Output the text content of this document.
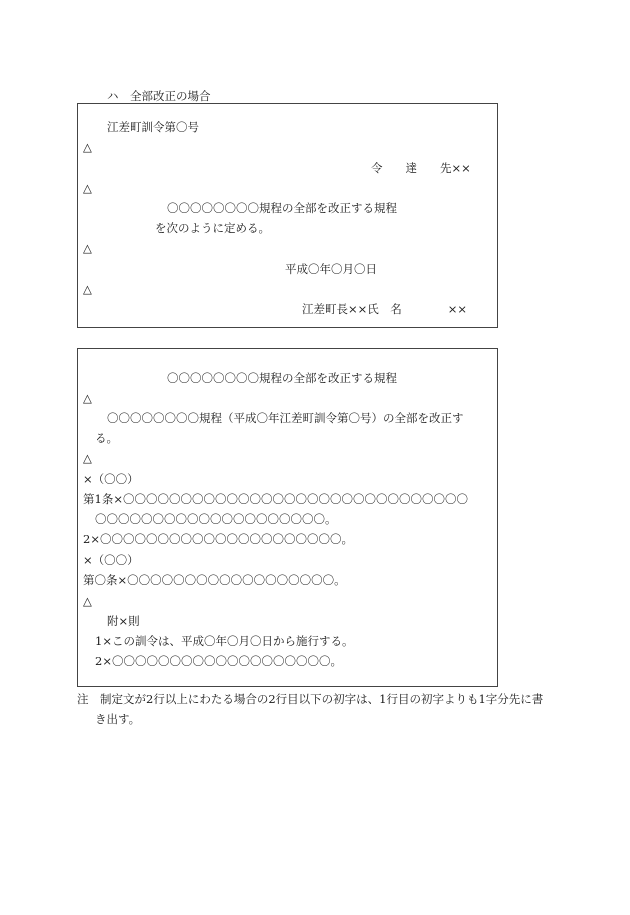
ハ　全部改正の場合
江差町訓令第〇号
△
令　　達　　先××
△
〇〇〇〇〇〇〇〇規程の全部を改正する規程
を次のように定める。
△
平成〇年〇月〇日
△
江差町長××氏　名　　　　××
〇〇〇〇〇〇〇〇規程の全部を改正する規程
△
〇〇〇〇〇〇〇〇規程（平成〇年江差町訓令第〇号）の全部を改正す
る。
△
×（〇〇）
第1条×〇〇〇〇〇〇〇〇〇〇〇〇〇〇〇〇〇〇〇〇〇〇〇〇〇〇〇〇〇〇
〇〇〇〇〇〇〇〇〇〇〇〇〇〇〇〇〇〇〇〇。
2×〇〇〇〇〇〇〇〇〇〇〇〇〇〇〇〇〇〇〇〇〇。
×（〇〇）
第〇条×〇〇〇〇〇〇〇〇〇〇〇〇〇〇〇〇〇〇。
△
附×則
1×この訓令は、平成〇年〇月〇日から施行する。
2×〇〇〇〇〇〇〇〇〇〇〇〇〇〇〇〇〇〇〇。
注　制定文が2行以上にわたる場合の2行目以下の初字は、1行目の初字よりも1字分先に書
き出す。
